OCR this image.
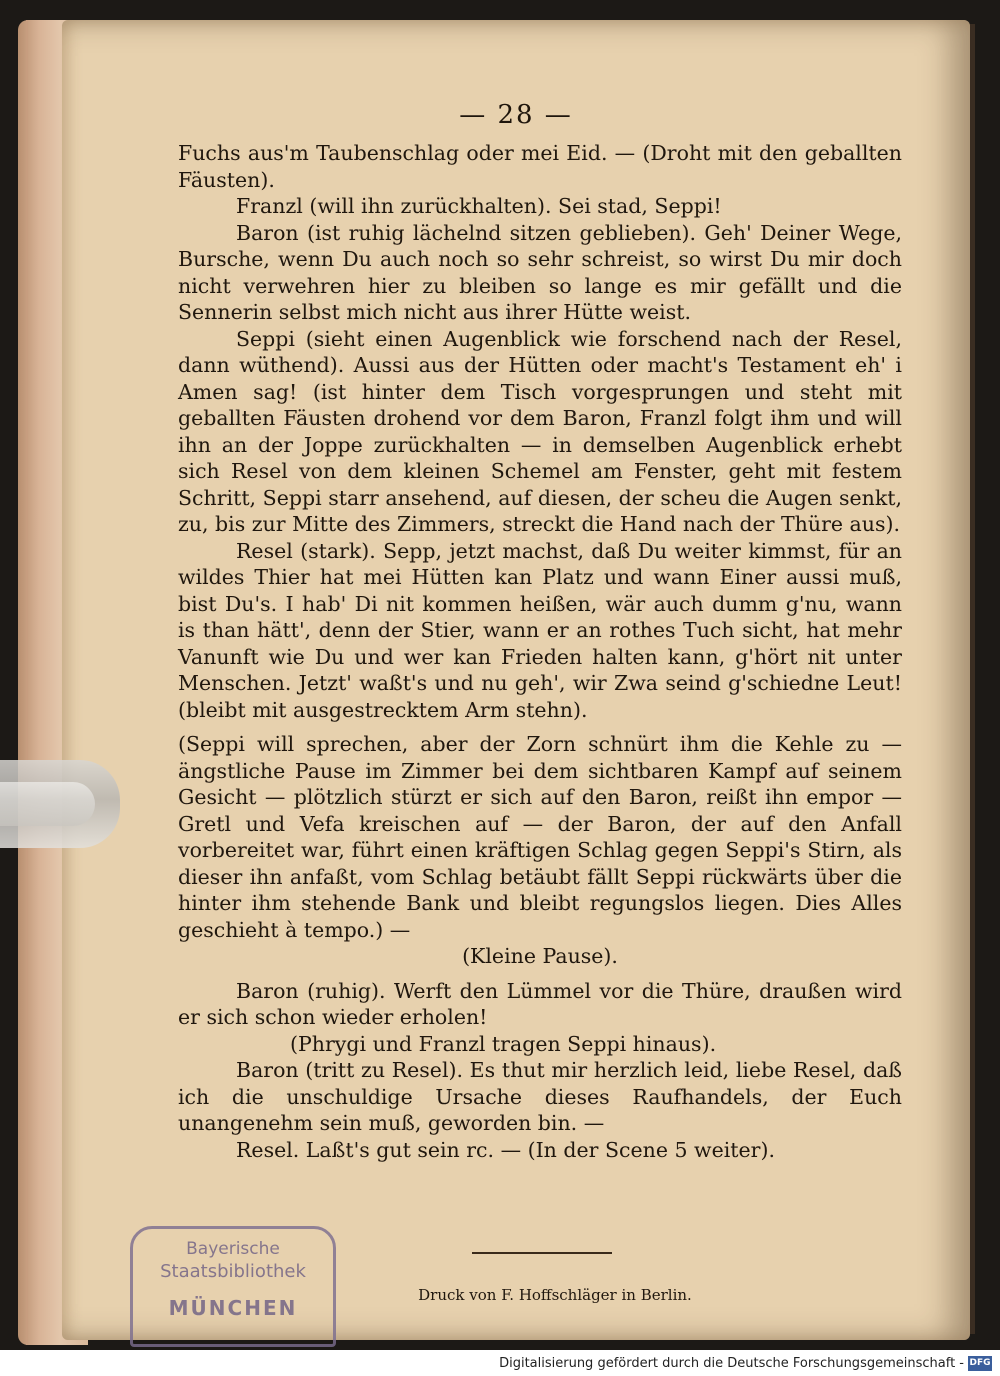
— 28 —

Fuchs aus'm Taubenschlag oder mei Eid. — (Droht mit den geballten Fäusten).

Franzl (will ihn zurückhalten). Sei stad, Seppi!

Baron (ist ruhig lächelnd sitzen geblieben). Geh' Deiner Wege, Bursche, wenn Du auch noch so sehr schreist, so wirst Du mir doch nicht verwehren hier zu bleiben so lange es mir gefällt und die Sennerin selbst mich nicht aus ihrer Hütte weist.

Seppi (sieht einen Augenblick wie forschend nach der Resel, dann wüthend). Aussi aus der Hütten oder macht's Testament eh' i Amen sag! (ist hinter dem Tisch vorgesprungen und steht mit geballten Fäusten drohend vor dem Baron, Franzl folgt ihm und will ihn an der Joppe zurückhalten — in demselben Augenblick erhebt sich Resel von dem kleinen Schemel am Fenster, geht mit festem Schritt, Seppi starr ansehend, auf diesen, der scheu die Augen senkt, zu, bis zur Mitte des Zimmers, streckt die Hand nach der Thüre aus).

Resel (stark). Sepp, jetzt machst, daß Du weiter kimmst, für an wildes Thier hat mei Hütten kan Platz und wann Einer aussi muß, bist Du's. I hab' Di nit kommen heißen, wär auch dumm g'nu, wann is than hätt', denn der Stier, wann er an rothes Tuch sicht, hat mehr Vanunft wie Du und wer kan Frieden halten kann, g'hört nit unter Menschen. Jetzt' waßt's und nu geh', wir Zwa seind g'schiedne Leut! (bleibt mit ausgestrecktem Arm stehn).

(Seppi will sprechen, aber der Zorn schnürt ihm die Kehle zu — ängstliche Pause im Zimmer bei dem sichtbaren Kampf auf seinem Gesicht — plötzlich stürzt er sich auf den Baron, reißt ihn empor — Gretl und Vefa kreischen auf — der Baron, der auf den Anfall vorbereitet war, führt einen kräftigen Schlag gegen Seppi's Stirn, als dieser ihn anfaßt, vom Schlag betäubt fällt Seppi rückwärts über die hinter ihm stehende Bank und bleibt regungslos liegen. Dies Alles geschieht à tempo.) —

(Kleine Pause).

Baron (ruhig). Werft den Lümmel vor die Thüre, draußen wird er sich schon wieder erholen!

(Phrygi und Franzl tragen Seppi hinaus).

Baron (tritt zu Resel). Es thut mir herzlich leid, liebe Resel, daß ich die unschuldige Ursache dieses Raufhandels, der Euch unangenehm sein muß, geworden bin. —

Resel. Laßt's gut sein rc. — (In der Scene 5 weiter).

Druck von F. Hoffschläger in Berlin.
Bayerische
Staatsbibliothek
MÜNCHEN
Digitalisierung gefördert durch die Deutsche Forschungsgemeinschaft - DFG
